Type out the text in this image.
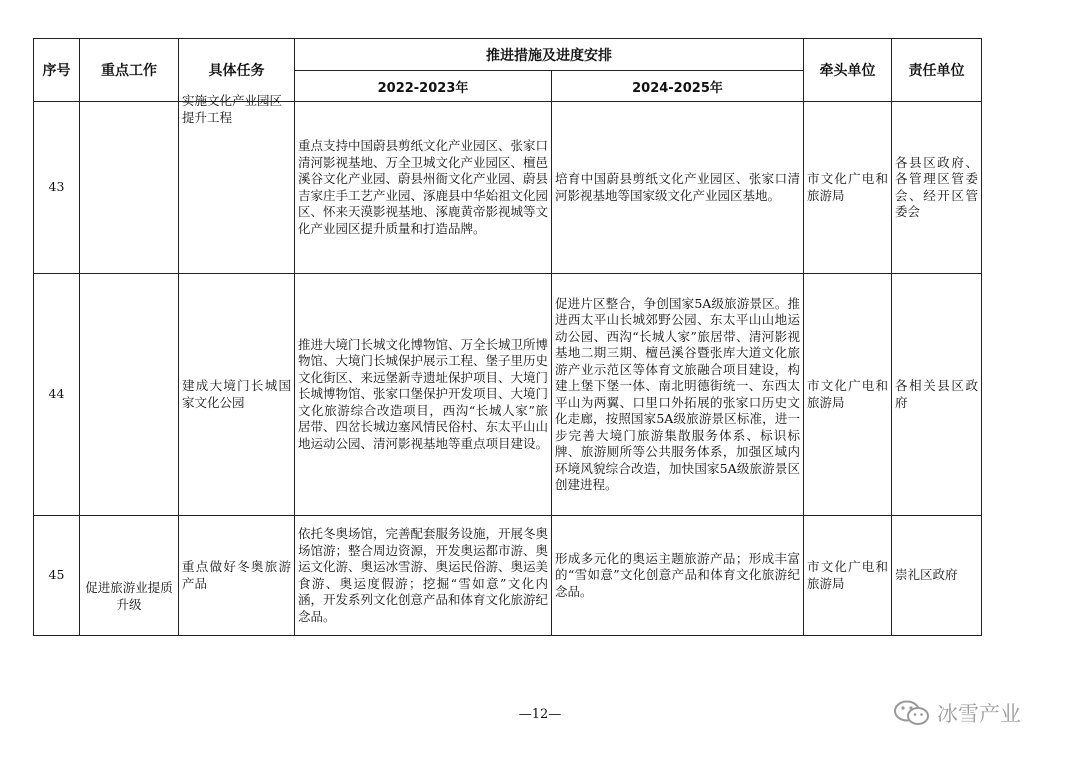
序号	重点工作	具体任务	推进措施及进度安排		牵头单位	责任单位
			2022-2023年	2024-2025年		
43		实施文化产业园区提升工程	重点支持中国蔚县剪纸文化产业园区、张家口清河影视基地、万全卫城文化产业园区、檀邑溪谷文化产业园、蔚县州衙文化产业园、蔚县吉家庄手工艺产业园、涿鹿县中华始祖文化园区、怀来天漠影视基地、涿鹿黄帝影视城等文化产业园区提升质量和打造品牌。	培育中国蔚县剪纸文化产业园区、张家口清河影视基地等国家级文化产业园区基地。	市文化广电和旅游局	各县区政府、各管理区管委会、经开区管委会
44		建成大境门长城国家文化公园	推进大境门长城文化博物馆、万全长城卫所博物馆、大境门长城保护展示工程、堡子里历史文化街区、来远堡新寺遗址保护项目、大境门长城博物馆、张家口堡保护开发项目、大境门文化旅游综合改造项目，西沟“长城人家”旅居带、四岔长城边塞风情民俗村、东太平山山地运动公园、清河影视基地等重点项目建设。	促进片区整合，争创国家5A级旅游景区。推进西太平山长城郊野公园、东太平山山地运动公园、西沟“长城人家”旅居带、清河影视基地二期三期、檀邑溪谷暨张库大道文化旅游产业示范区等体育文旅融合项目建设，构建上堡下堡一体、南北明德街统一、东西太平山为两翼、口里口外拓展的张家口历史文化走廊，按照国家5A级旅游景区标准，进一步完善大境门旅游集散服务体系、标识标牌、旅游厕所等公共服务体系，加强区域内环境风貌综合改造，加快国家5A级旅游景区创建进程。	市文化广电和旅游局	各相关县区政府
45	促进旅游业提质升级	重点做好冬奥旅游产品	依托冬奥场馆，完善配套服务设施，开展冬奥场馆游；整合周边资源，开发奥运都市游、奥运文化游、奥运冰雪游、奥运民俗游、奥运美食游、奥运度假游；挖掘“雪如意”文化内涵，开发系列文化创意产品和体育文化旅游纪念品。	形成多元化的奥运主题旅游产品；形成丰富的“雪如意”文化创意产品和体育文化旅游纪念品。	市文化广电和旅游局	崇礼区政府
—12—	冰雪产业
